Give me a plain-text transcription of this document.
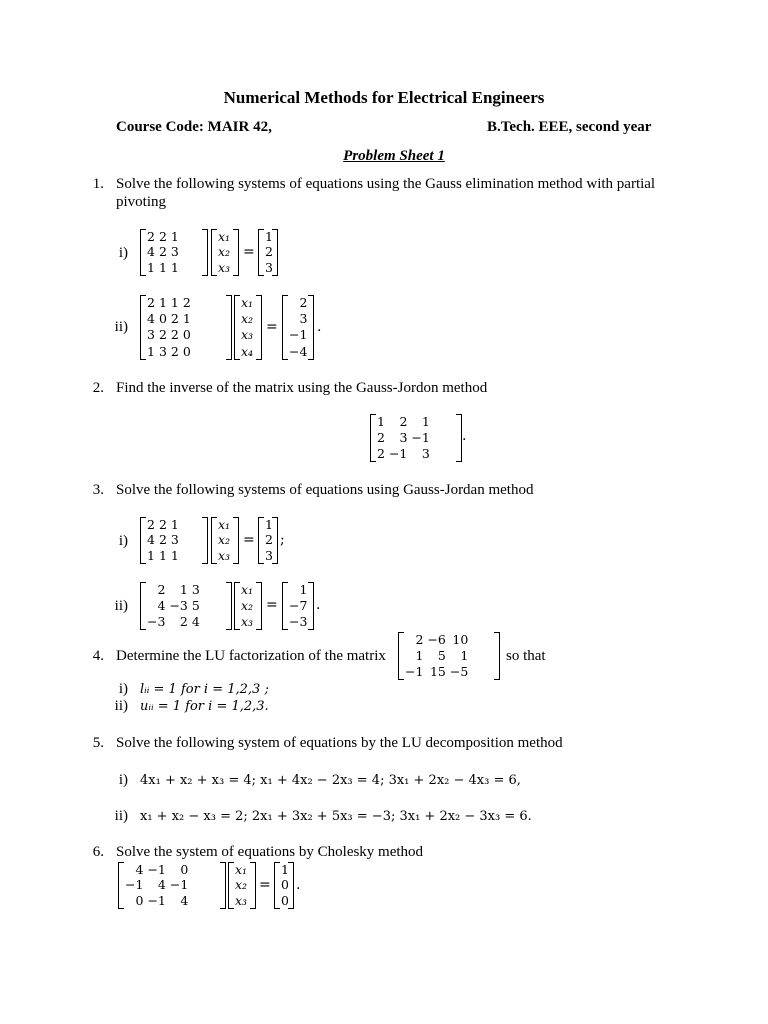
Numerical Methods for Electrical Engineers
Course Code: MAIR 42,	B.Tech. EEE, second year
Problem Sheet 1
1. Solve the following systems of equations using the Gauss elimination method with partial
pivoting
i)
2	2	1
4	2	3
1	1	1
x₁
x₂
x₃
=
1
2
3
ii)
2	1	1	2
4	0	2	1
3	2	2	0
1	3	2	0
x₁
x₂
x₃
x₄
=
2
3
−1
−4
.
2. Find the inverse of the matrix using the Gauss-Jordon method
1	2	1
2	3	−1
2	−1	3
.
3. Solve the following systems of equations using Gauss-Jordan method
i)
2	2	1
4	2	3
1	1	1
x₁
x₂
x₃
=
1
2
3
;
ii)
2	1	3
4	−3	5
−3	2	4
x₁
x₂
x₃
=
1
−7
−3
.
4. Determine the LU factorization of the matrix
2	−6	10
1	5	1
−1	15	−5
so that
i) lᵢᵢ = 1 for i = 1,2,3 ;
ii) uᵢᵢ = 1 for i = 1,2,3.
5. Solve the following system of equations by the LU decomposition method
i) 4x₁ + x₂ + x₃ = 4; x₁ + 4x₂ − 2x₃ = 4; 3x₁ + 2x₂ − 4x₃ = 6,
ii) x₁ + x₂ − x₃ = 2; 2x₁ + 3x₂ + 5x₃ = −3; 3x₁ + 2x₂ − 3x₃ = 6.
6. Solve the system of equations by Cholesky method
4	−1	0
−1	4	−1
0	−1	4
x₁
x₂
x₃
=
1
0
0
.
